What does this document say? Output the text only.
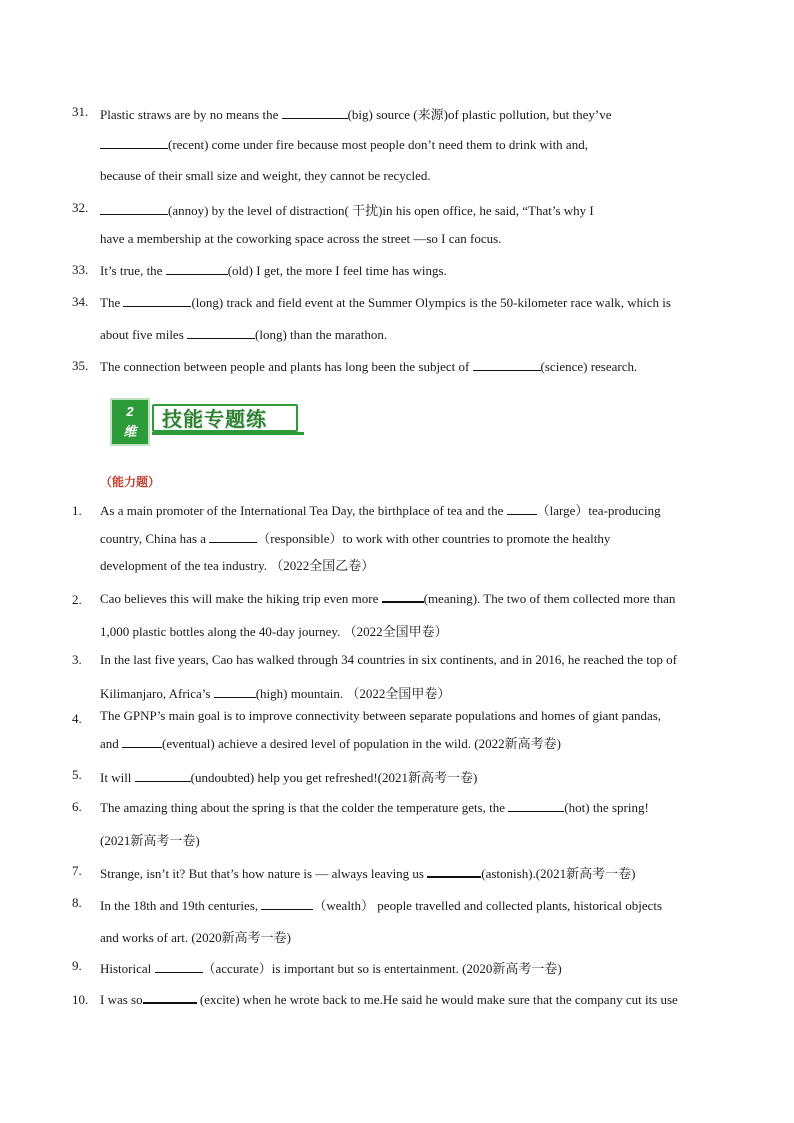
31. Plastic straws are by no means the	(big) source (来源)of plastic pollution, but they’ve
(recent) come under fire because most people don’t need them to drink with and,
because of their small size and weight, they cannot be recycled.
32.	(annoy) by the level of distraction( 干扰)in his open office, he said, “That’s why I
have a membership at the coworking space across the street —so I can focus.
33. It’s true, the	(old) I get, the more I feel time has wings.
34. The	(long) track and field event at the Summer Olympics is the 50-kilometer race walk, which is
about five miles	(long) than the marathon.
35. The connection between people and plants has long been the subject of	(science) research.
2
维
技能专题练
（能力题）
1.	As a main promoter of the International Tea Day, the birthplace of tea and the （large）tea-producing
country, China has a	（responsible）to work with other countries to promote the healthy
development of the tea industry. （2022全国乙卷）
2.	Cao believes this will make the hiking trip even more	(meaning). The two of them collected more than
1,000 plastic bottles along the 40-day journey. （2022全国甲卷）
3.	In the last five years, Cao has walked through 34 countries in six continents, and in 2016, he reached the top of
Kilimanjaro, Africa’s	(high) mountain. （2022全国甲卷）
4.	The GPNP’s main goal is to improve connectivity between separate populations and homes of giant pandas,
and	(eventual) achieve a desired level of population in the wild. (2022新高考卷)
5.	It will	(undoubted) help you get refreshed!(2021新高考一卷)
6.	The amazing thing about the spring is that the colder the temperature gets, the	(hot) the spring!
(2021新高考一卷)
7.	Strange, isn’t it? But that’s how nature is — always leaving us	(astonish).(2021新高考一卷)
8.	In the 18th and 19th centuries,	（wealth） people travelled and collected plants, historical objects
and works of art. (2020新高考一卷)
9.	Historical	（accurate）is important but so is entertainment. (2020新高考一卷)
10. I was so	(excite) when he wrote back to me.He said he would make sure that the company cut its use
